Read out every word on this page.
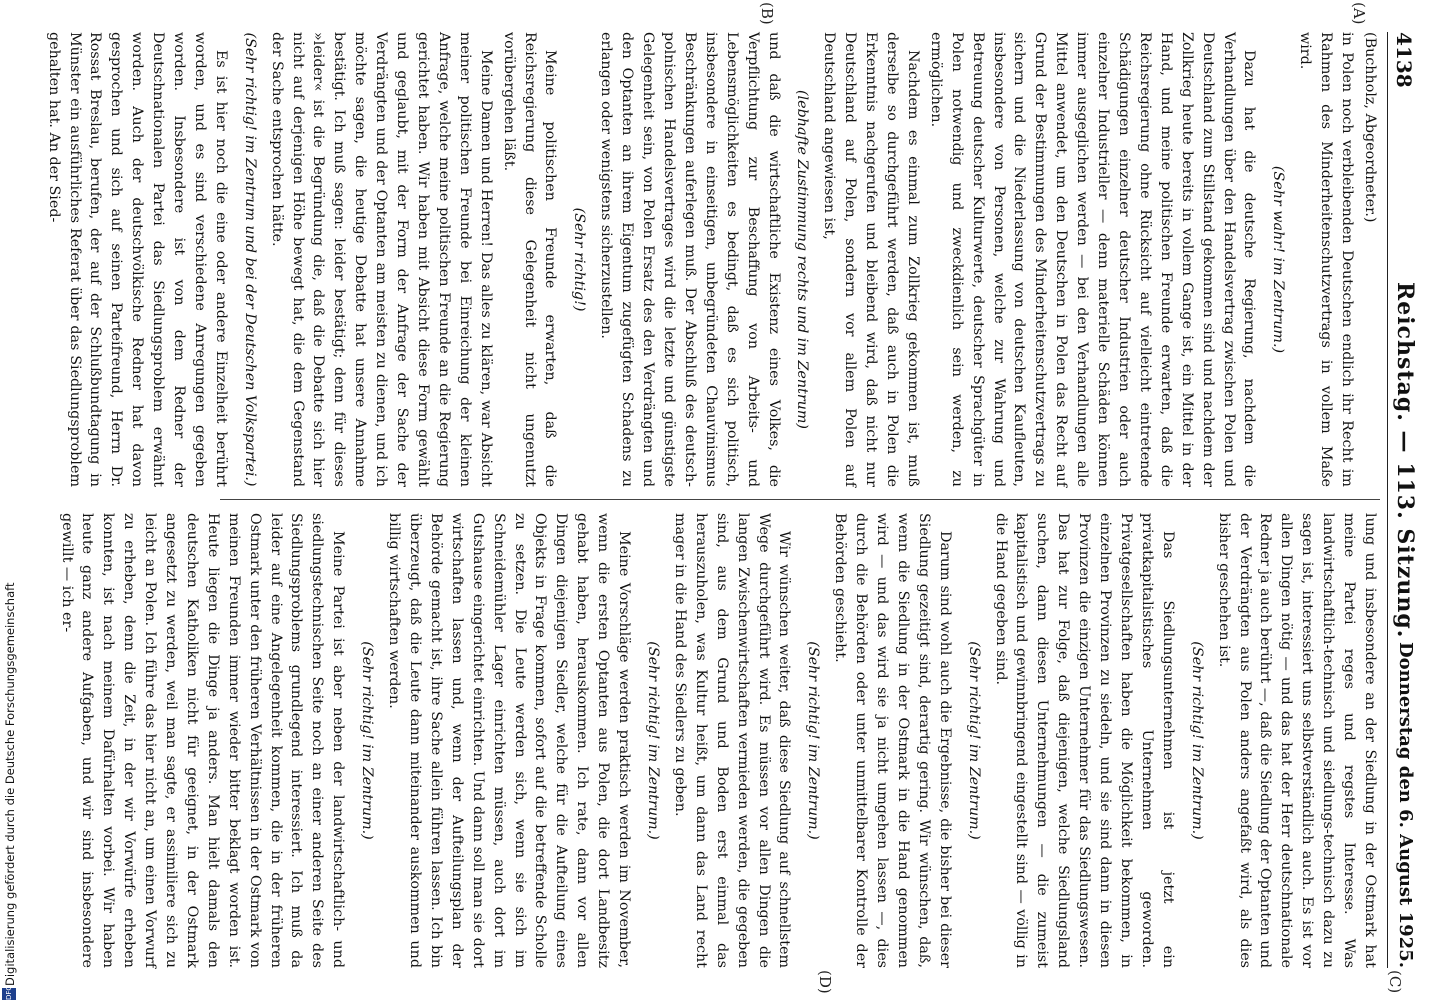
4138
Reichstag. — 113. Sitzung.
Donnerstag den 6. August 1925.
(A)
(B)
(C)
(D)

(Buchholz, Abgeordneter.)

in Polen noch verbleibenden Deutschen endlich ihr Recht im Rahmen des Minderheitenschutzvertrags in vollem Maße wird.

(Sehr wahr! im Zentrum.)

Dazu hat die deutsche Regierung, nachdem die Verhandlungen über den Handelsvertrag zwischen Polen und Deutschland zum Stillstand gekommen sind und nachdem der Zollkrieg heute bereits in vollem Gange ist, ein Mittel in der Hand, und meine politischen Freunde erwarten, daß die Reichsregierung ohne Rücksicht auf vielleicht eintretende Schädigungen einzelner deutscher Industrien oder auch einzelner Industrieller — denn materielle Schäden können immer ausgeglichen werden — bei den Verhandlungen alle Mittel anwendet, um den Deutschen in Polen das Recht auf Grund der Bestimmungen des Minderheitenschutzvertrags zu sichern und die Niederlassung von deutschen Kaufleuten, insbesondere von Personen, welche zur Wahrung und Betreuung deutscher Kulturwerte, deutscher Sprachgüter in Polen notwendig und zweckdienlich sein werden, zu ermöglichen.

Nachdem es einmal zum Zollkrieg gekommen ist, muß derselbe so durchgeführt werden, daß auch in Polen die Erkenntnis nachgerufen und bleibend wird, daß nicht nur Deutschland auf Polen, sondern vor allem Polen auf Deutschland angewiesen ist,

(lebhafte Zustimmung rechts und im Zentrum)

und daß die wirtschaftliche Existenz eines Volkes, die Verpflichtung zur Beschaffung von Arbeits- und Lebensmöglichkeiten es bedingt, daß es sich politisch, insbesondere in einseitigen, unbegründeten Chauvinismus Beschränkungen auferlegen muß. Der Abschluß des deutsch-polnischen Handelsvertrages wird die letzte und günstigste Gelegenheit sein, von Polen Ersatz des den Verdrängten und den Optanten an ihrem Eigentum zugefügten Schadens zu erlangen oder wenigstens sicherzustellen.

(Sehr richtig!)

Meine politischen Freunde erwarten, daß die Reichsregierung diese Gelegenheit nicht ungenutzt vorübergehen läßt.

Meine Damen und Herren! Das alles zu klären, war Absicht meiner politischen Freunde bei Einreichung der kleinen Anfrage, welche meine politischen Freunde an die Regierung gerichtet haben. Wir haben mit Absicht diese Form gewählt und geglaubt, mit der Form der Anfrage der Sache der Verdrängten und der Optanten am meisten zu dienen, und ich möchte sagen, die heutige Debatte hat unsere Annahme bestätigt. Ich muß sagen: leider bestätigt; denn für dieses »leider« ist die Begründung die, daß die Debatte sich hier nicht auf derjenigen Höhe bewegt hat, die dem Gegenstand der Sache entsprochen hätte.

(Sehr richtig! im Zentrum und bei der Deutschen Volkspartei.)

Es ist hier noch die eine oder andere Einzelheit berührt worden, und es sind verschiedene Anregungen gegeben worden. Insbesondere ist von dem Redner der Deutschnationalen Partei das Siedlungsproblem erwähnt worden. Auch der deutschvölkische Redner hat davon gesprochen und sich auf seinen Parteifreund, Herrn Dr. Rossat Breslau, berufen, der auf der Schlußbundtagung in Münster ein ausführliches Referat über das Siedlungsproblem gehalten hat. An der Sied-

lung und insbesondere an der Siedlung in der Ostmark hat meine Partei reges und regstes Interesse. Was landwirtschaftlich-technisch und siedlungs-technisch dazu zu sagen ist, interessiert uns selbstverständlich auch. Es ist vor allen Dingen nötig — und das hat der Herr deutschnationale Redner ja auch berührt —, daß die Siedlung der Optanten und der Verdrängten aus Polen anders angefaßt wird, als dies bisher geschehen ist.

(Sehr richtig! im Zentrum.)

Das Siedlungsunternehmen ist jetzt ein privatkapitalistisches Unternehmen geworden. Privatgesellschaften haben die Möglichkeit bekommen, in einzelnen Provinzen zu siedeln, und sie sind dann in diesen Provinzen die einzigen Unternehmer für das Siedlungswesen. Das hat zur Folge, daß diejenigen, welche Siedlungsland suchen, dann diesen Unternehmungen — die zumeist kapitalistisch und gewinnbringend eingestellt sind — völlig in die Hand gegeben sind.

(Sehr richtig! im Zentrum.)

Darum sind wohl auch die Ergebnisse, die bisher bei dieser Siedlung gezeitigt sind, derartig gering. Wir wünschen, daß, wenn die Siedlung in der Ostmark in die Hand genommen wird — und das wird sie ja nicht umgehen lassen —, dies durch die Behörden oder unter unmittelbarer Kontrolle der Behörden geschieht.

(Sehr richtig! im Zentrum.)

Wir wünschen weiter, daß diese Siedlung auf schnellstem Wege durchgeführt wird. Es müssen vor allen Dingen die langen Zwischenwirtschaften vermieden werden, die gegeben sind, aus dem Grund und Boden erst einmal das herauszuholen, was Kultur heißt, um dann das Land recht mager in die Hand des Siedlers zu geben.

(Sehr richtig! im Zentrum.)

Meine Vorschläge werden praktisch werden im November, wenn die ersten Optanten aus Polen, die dort Landbesitz gehabt haben, herauskommen. Ich rate, dann vor allen Dingen diejenigen Siedler, welche für die Aufteilung eines Objekts in Frage kommen, sofort auf die betreffende Scholle zu setzen. Die Leute werden sich, wenn sie sich im Schneidemühler Lager einrichten müssen, auch dort im Gutshause eingerichtet einrichten. Und dann soll man sie dort wirtschaften lassen und, wenn der Aufteilungsplan der Behörde gemacht ist, ihre Sache allein führen lassen. Ich bin überzeugt, daß die Leute dann miteinander auskommen und billig wirtschaften werden.

(Sehr richtig! im Zentrum.)

Meine Partei ist aber neben der landwirtschaftlich- und siedlungstechnischen Seite noch an einer anderen Seite des Siedlungsproblems grundlegend interessiert. Ich muß da leider auf eine Angelegenheit kommen, die in der früheren Ostmark unter den früheren Verhältnissen in der Ostmark von meinen Freunden immer wieder bitter beklagt worden ist. Heute liegen die Dinge ja anders. Man hielt damals den deutschen Katholiken nicht für geeignet, in der Ostmark angesetzt zu werden, weil man sagte, er assimiliere sich zu leicht an Polen. Ich führe das hier nicht an, um einen Vorwurf zu erheben, denn die Zeit, in der wir Vorwürfe erheben konnten, ist nach meinem Dafürhalten vorbei. Wir haben heute ganz andere Aufgaben, und wir sind insbesondere gewillt — ich er-

DFG
Digitalisierung gefördert durch die Deutsche Forschungsgemeinschaft
